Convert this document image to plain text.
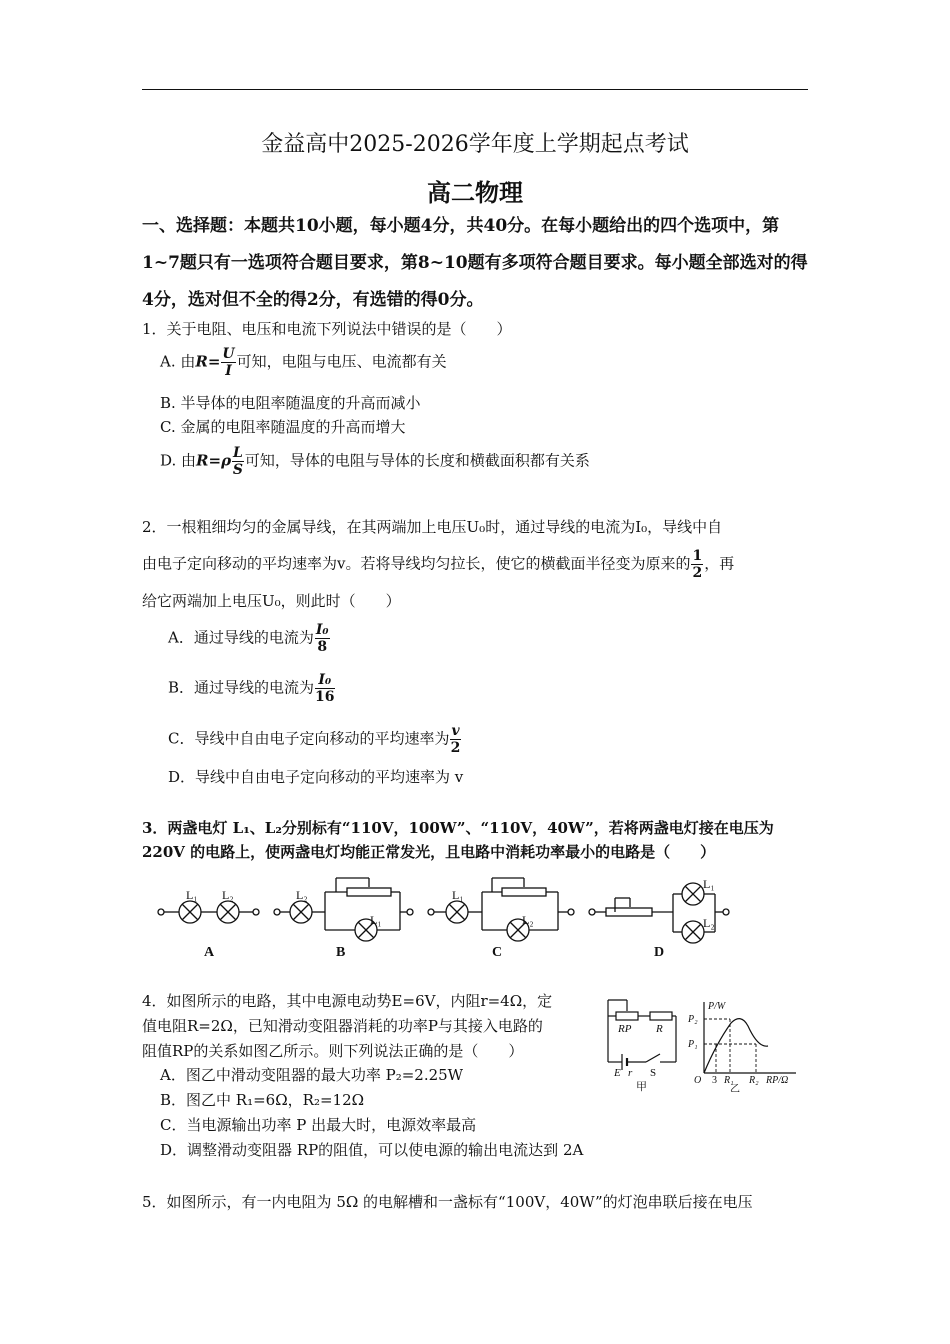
金益高中2025-2026学年度上学期起点考试
高二物理
一、选择题：本题共10小题，每小题4分，共40分。在每小题给出的四个选项中，第1~7题只有一选项符合题目要求，第8~10题有多项符合题目要求。每小题全部选对的得4分，选对但不全的得2分，有选错的得0分。
1．关于电阻、电压和电流下列说法中错误的是（　　）
A. 由$R= \frac{U}{I}$ 可知，电阻与电压、电流都有关
B. 半导体的电阻率随温度的升高而减小
C. 金属的电阻率随温度的升高而增大
D. 由$R=\rho \frac{L}{S}$ 可知，导体的电阻与导体的长度和横截面积都有关系
2．一根粗细均匀的金属导线，在其两端加上电压U₀时，通过导线的电流为I₀，导线中自
由电子定向移动的平均速率为v。若将导线均匀拉长，使它的横截面半径变为原来的 $\frac{1}{2}$ ，再
给它两端加上电压U₀，则此时（　　）
A．通过导线的电流为 $\frac{\text{I₀}}{8}$
B．通过导线的电流为 $\frac{\text{I₀}}{16}$
C．导线中自由电子定向移动的平均速率为 $\frac{v}{2}$
D．导线中自由电子定向移动的平均速率为 v
3．两盏电灯 L₁、L₂分别标有“110V，100W”、“110V，40W”，若将两盏电灯接在电压为
220V 的电路上，使两盏电灯均能正常发光，且电路中消耗功率最小的电路是（　　）
L₁ L₂	L₂
L₁
L₁
L₂
L₁
L₂
A	B	C	D
4．如图所示的电路，其中电源电动势E=6V，内阻r=4Ω，定
值电阻R=2Ω，已知滑动变阻器消耗的功率P与其接入电路的
阻值RP的关系如图乙所示。则下列说法正确的是（　　）
A．图乙中滑动变阻器的最大功率 P₂=2.25W
B．图乙中 R₁=6Ω，R₂=12Ω
C．当电源输出功率 P 出最大时，电源效率最高
D．调整滑动变阻器 RP的阻值，可以使电源的输出电流达到 2A
RP R
E r S
甲
P/W
P₂
P₁
O 3 R₁ R₂ RP/Ω
乙
5．如图所示，有一内电阻为 5Ω 的电解槽和一盏标有“100V，40W”的灯泡串联后接在电压
